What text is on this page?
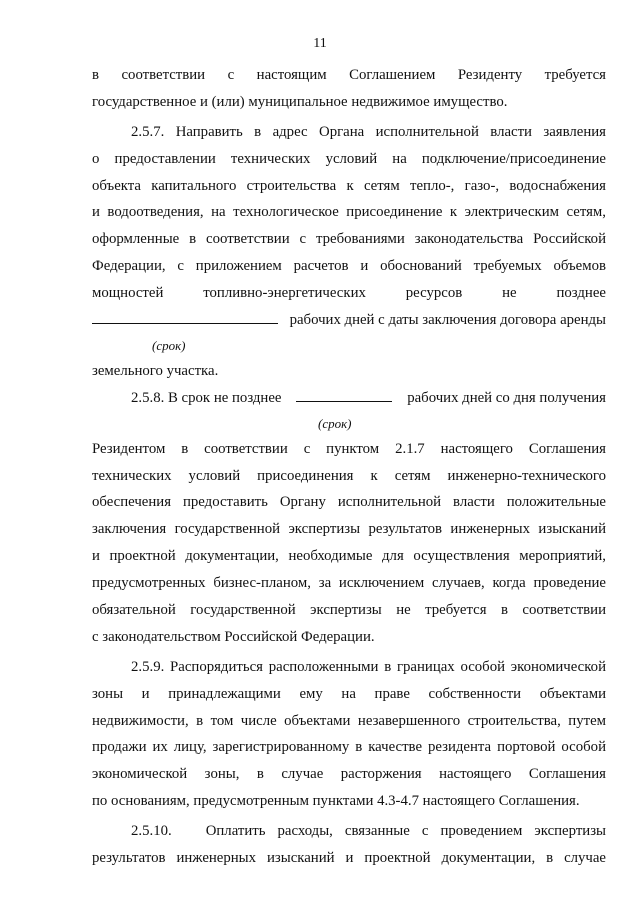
11
в соответствии с настоящим Соглашением Резиденту требуется
государственное и (или) муниципальное недвижимое имущество.
2.5.7. Направить в адрес Органа исполнительной власти заявления
о предоставлении технических условий на подключение/присоединение
объекта капитального строительства к сетям тепло-, газо-, водоснабжения
и водоотведения, на технологическое присоединение к электрическим сетям,
оформленные в соответствии с требованиями законодательства Российской
Федерации, с приложением расчетов и обоснований требуемых объемов
мощностей	топливно-энергетических	ресурсов	не	позднее
рабочих дней с даты заключения договора аренды
(срок)
земельного участка.
2.5.8. В срок не позднее	рабочих дней со дня получения
(срок)
Резидентом в соответствии с пунктом 2.1.7 настоящего Соглашения
технических условий присоединения к сетям инженерно-технического
обеспечения предоставить Органу исполнительной власти положительные
заключения государственной экспертизы результатов инженерных изысканий
и проектной документации, необходимые для осуществления мероприятий,
предусмотренных бизнес-планом, за исключением случаев, когда проведение
обязательной государственной экспертизы не требуется в соответствии
с законодательством Российской Федерации.
2.5.9. Распорядиться расположенными в границах особой экономической
зоны и принадлежащими ему на праве собственности объектами
недвижимости, в том числе объектами незавершенного строительства, путем
продажи их лицу, зарегистрированному в качестве резидента портовой особой
экономической зоны, в случае расторжения настоящего Соглашения
по основаниям, предусмотренным пунктами 4.3-4.7 настоящего Соглашения.
2.5.10. Оплатить расходы, связанные с проведением экспертизы
результатов инженерных изысканий и проектной документации, в случае
